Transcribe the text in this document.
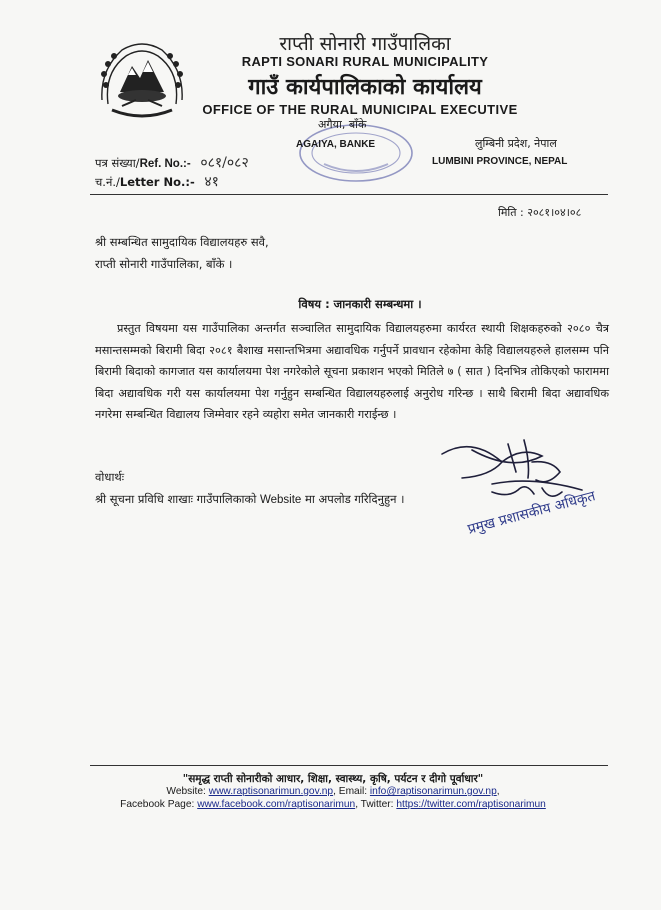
राप्ती सोनारी गाउँपालिका
RAPTI SONARI RURAL MUNICIPALITY
गाउँ कार्यपालिकाको कार्यालय
OFFICE OF THE RURAL MUNICIPAL EXECUTIVE
अगैया, बाँके
AGAIYA, BANKE	लुम्बिनी प्रदेश, नेपाल
LUMBINI PROVINCE, NEPAL
पत्र संख्या/Ref. No.:- ०८१/०८२
च.नं./Letter No.:- ४१
मिति : २०८१।०४।०८
श्री सम्बन्धित सामुदायिक विद्यालयहरु सवै,
राप्ती सोनारी गाउँपालिका, बाँके ।
विषय : जानकारी सम्बन्धमा ।
प्रस्तुत विषयमा यस गाउँपालिका अन्तर्गत सञ्चालित सामुदायिक विद्यालयहरुमा कार्यरत स्थायी शिक्षकहरुको २०८० चैत्र मसान्तसम्मको बिरामी बिदा २०८१ बैशाख मसान्तभित्रमा अद्यावधिक गर्नुपर्ने प्रावधान रहेकोमा केहि विद्यालयहरुले हालसम्म पनि बिरामी बिदाको कागजात यस कार्यालयमा पेश नगरेकोले सूचना प्रकाशन भएको मितिले ७ ( सात ) दिनभित्र तोकिएको फाराममा बिदा अद्यावधिक गरी यस कार्यालयमा पेश गर्नुहुन सम्बन्धित विद्यालयहरुलाई अनुरोध गरिन्छ । साथै बिरामी बिदा अद्यावधिक नगरेमा सम्बन्धित विद्यालय जिम्मेवार रहने व्यहोरा समेत जानकारी गराईन्छ ।
प्रमुख प्रशासकीय अधिकृत
वोधार्थः
श्री सूचना प्रविधि शाखाः गाउँपालिकाको Website मा अपलोड गरिदिनुहुन ।
"समृद्ध राप्ती सोनारीको आधार, शिक्षा, स्वास्थ्य, कृषि, पर्यटन र दीगो पूर्वाधार"
Website: www.raptisonarimun.gov.np, Email: info@raptisonarimun.gov.np,
Facebook Page: www.facebook.com/raptisonarimun, Twitter: https://twitter.com/raptisonarimun
